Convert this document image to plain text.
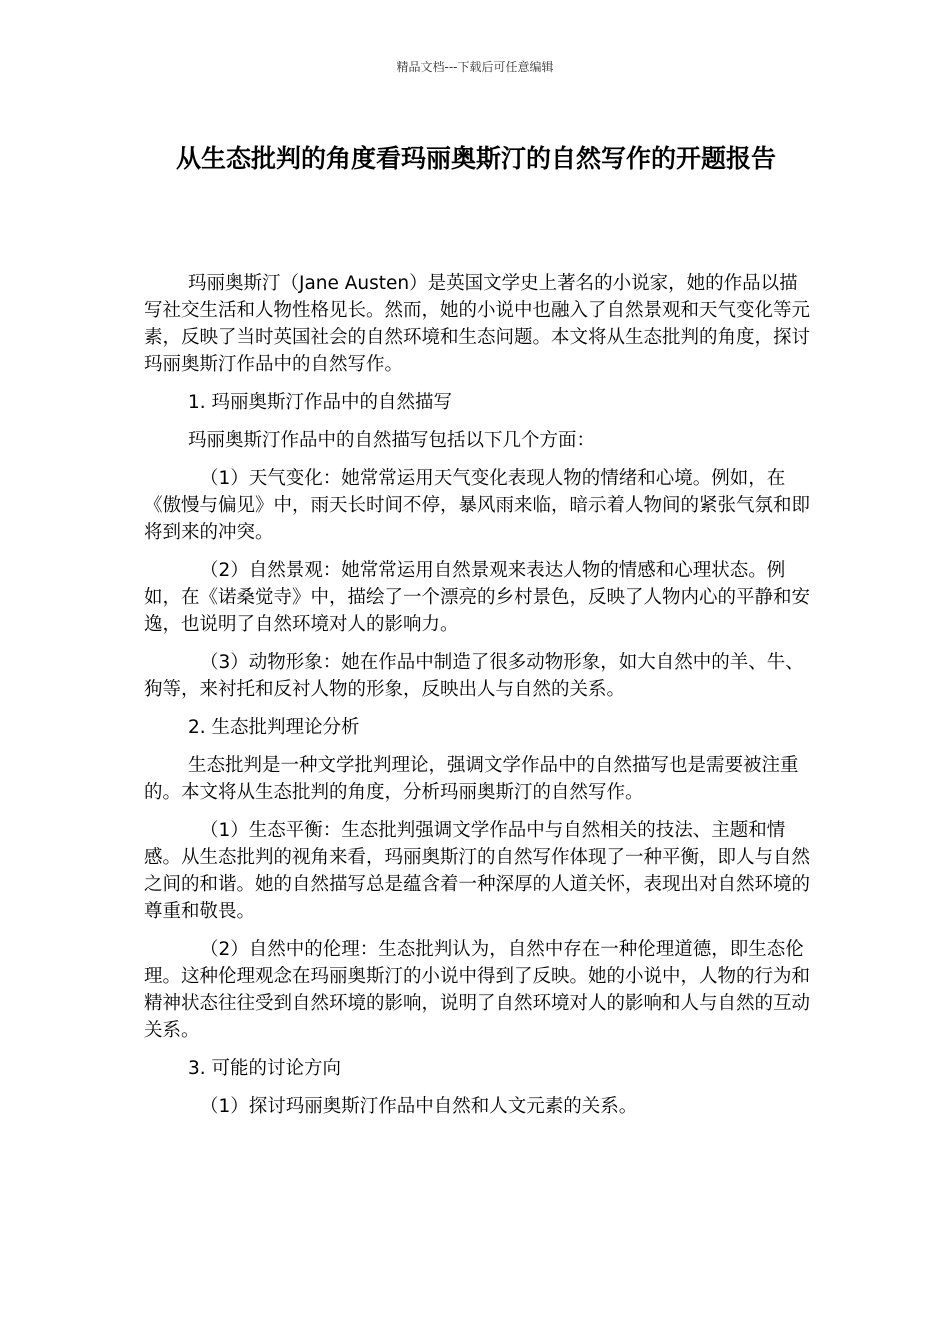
精品文档---下载后可任意编辑
从生态批判的角度看玛丽奥斯汀的自然写作的开题报告

玛丽奥斯汀（Jane Austen）是英国文学史上著名的小说家，她的作品以描写社交生活和人物性格见长。然而，她的小说中也融入了自然景观和天气变化等元素，反映了当时英国社会的自然环境和生态问题。本文将从生态批判的角度，探讨玛丽奥斯汀作品中的自然写作。

1. 玛丽奥斯汀作品中的自然描写

玛丽奥斯汀作品中的自然描写包括以下几个方面：

（1）天气变化：她常常运用天气变化表现人物的情绪和心境。例如，在《傲慢与偏见》中，雨天长时间不停，暴风雨来临，暗示着人物间的紧张气氛和即将到来的冲突。

（2）自然景观：她常常运用自然景观来表达人物的情感和心理状态。例如，在《诺桑觉寺》中，描绘了一个漂亮的乡村景色，反映了人物内心的平静和安逸，也说明了自然环境对人的影响力。

（3）动物形象：她在作品中制造了很多动物形象，如大自然中的羊、牛、狗等，来衬托和反衬人物的形象，反映出人与自然的关系。

2. 生态批判理论分析

生态批判是一种文学批判理论，强调文学作品中的自然描写也是需要被注重的。本文将从生态批判的角度，分析玛丽奥斯汀的自然写作。

（1）生态平衡：生态批判强调文学作品中与自然相关的技法、主题和情感。从生态批判的视角来看，玛丽奥斯汀的自然写作体现了一种平衡，即人与自然之间的和谐。她的自然描写总是蕴含着一种深厚的人道关怀，表现出对自然环境的尊重和敬畏。

（2）自然中的伦理：生态批判认为，自然中存在一种伦理道德，即生态伦理。这种伦理观念在玛丽奥斯汀的小说中得到了反映。她的小说中，人物的行为和精神状态往往受到自然环境的影响，说明了自然环境对人的影响和人与自然的互动关系。

3. 可能的讨论方向

（1）探讨玛丽奥斯汀作品中自然和人文元素的关系。
